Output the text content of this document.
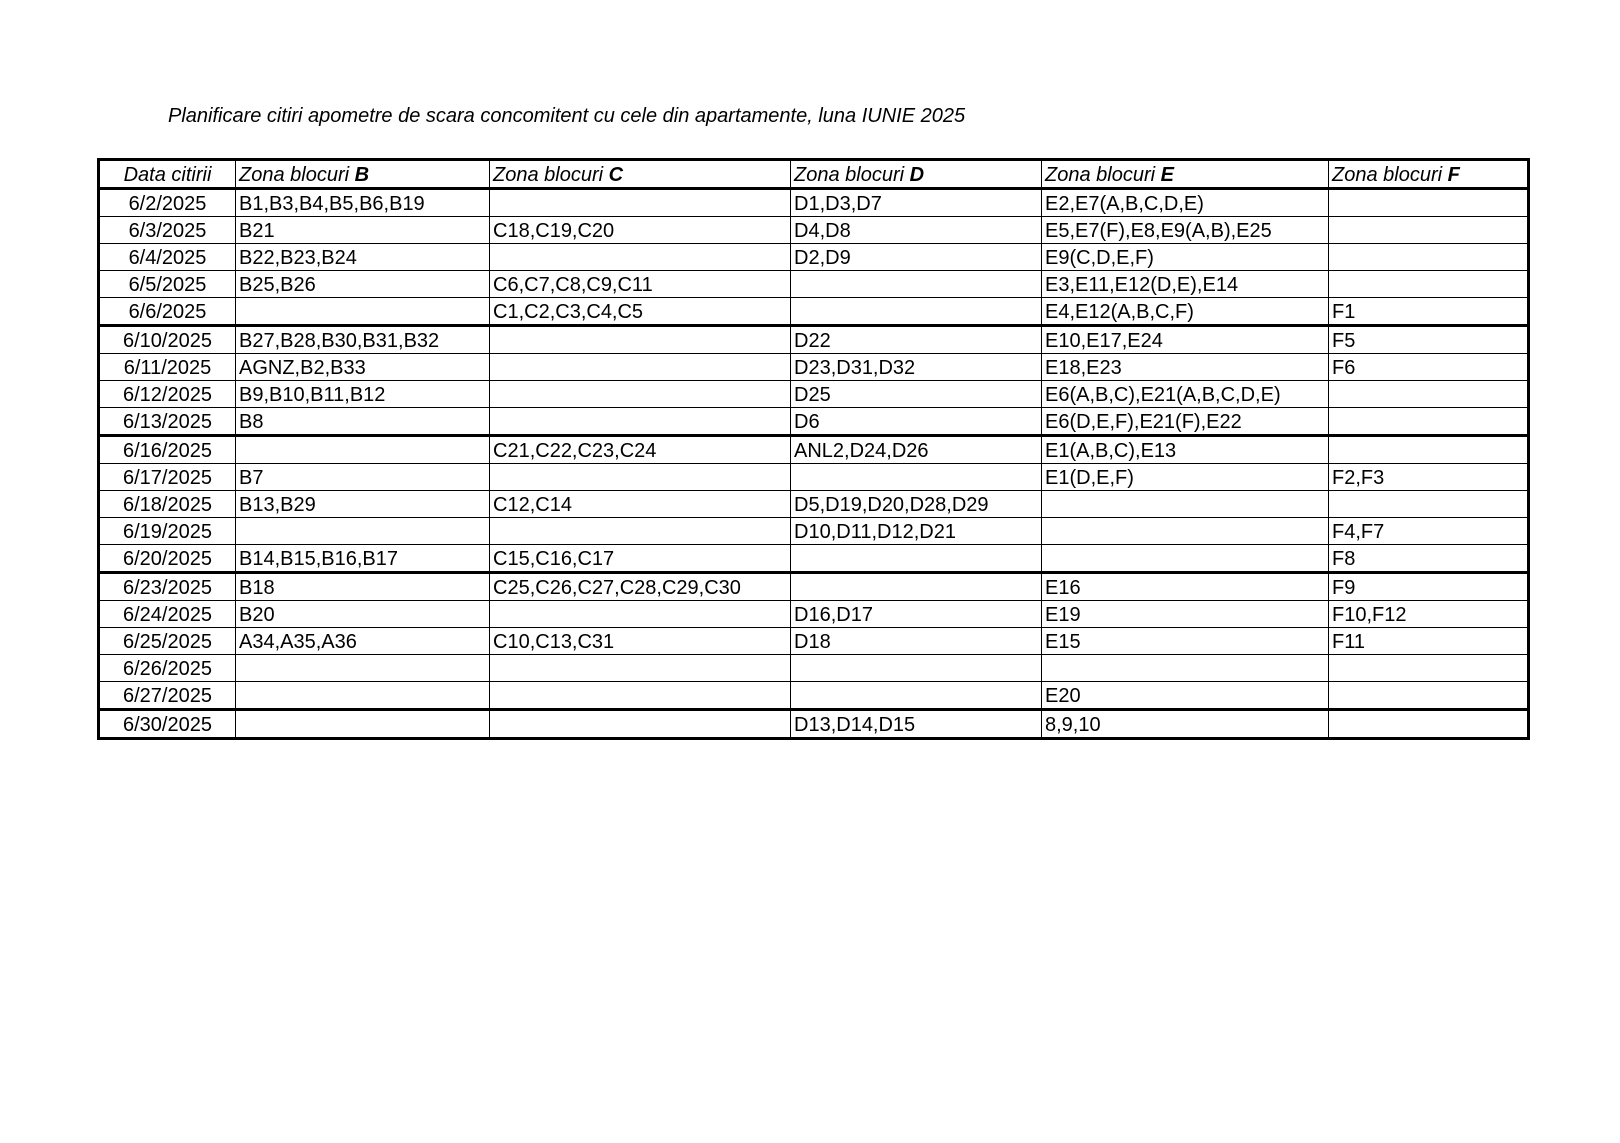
Planificare citiri apometre de scara concomitent cu cele din apartamente, luna IUNIE 2025
Data citirii	Zona blocuri B	Zona blocuri C	Zona blocuri D	Zona blocuri E	Zona blocuri F
6/2/2025	B1,B3,B4,B5,B6,B19		D1,D3,D7	E2,E7(A,B,C,D,E)	
6/3/2025	B21	C18,C19,C20	D4,D8	E5,E7(F),E8,E9(A,B),E25	
6/4/2025	B22,B23,B24		D2,D9	E9(C,D,E,F)	
6/5/2025	B25,B26	C6,C7,C8,C9,C11		E3,E11,E12(D,E),E14	
6/6/2025		C1,C2,C3,C4,C5		E4,E12(A,B,C,F)	F1
6/10/2025	B27,B28,B30,B31,B32		D22	E10,E17,E24	F5
6/11/2025	AGNZ,B2,B33		D23,D31,D32	E18,E23	F6
6/12/2025	B9,B10,B11,B12		D25	E6(A,B,C),E21(A,B,C,D,E)	
6/13/2025	B8		D6	E6(D,E,F),E21(F),E22	
6/16/2025		C21,C22,C23,C24	ANL2,D24,D26	E1(A,B,C),E13	
6/17/2025	B7			E1(D,E,F)	F2,F3
6/18/2025	B13,B29	C12,C14	D5,D19,D20,D28,D29		
6/19/2025			D10,D11,D12,D21		F4,F7
6/20/2025	B14,B15,B16,B17	C15,C16,C17			F8
6/23/2025	B18	C25,C26,C27,C28,C29,C30		E16	F9
6/24/2025	B20		D16,D17	E19	F10,F12
6/25/2025	A34,A35,A36	C10,C13,C31	D18	E15	F11
6/26/2025					
6/27/2025				E20	
6/30/2025			D13,D14,D15	8,9,10	
